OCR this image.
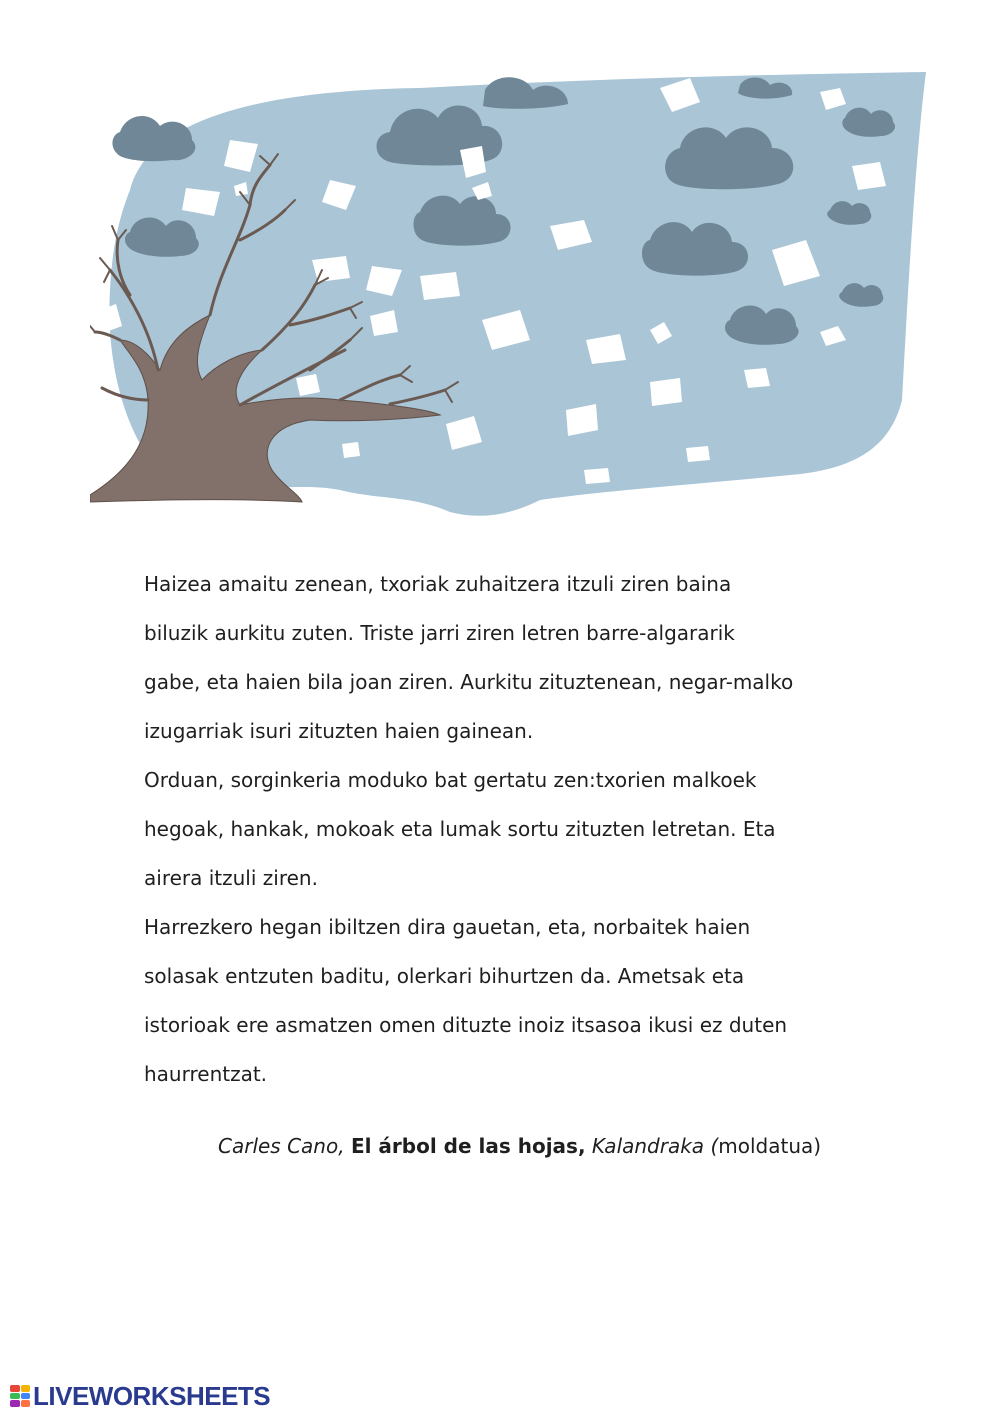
Haizea amaitu zenean, txoriak zuhaitzera itzuli ziren baina
biluzik aurkitu zuten. Triste jarri ziren letren barre-algararik
gabe, eta haien bila joan ziren. Aurkitu zituztenean, negar-malko
izugarriak isuri zituzten haien gainean.
Orduan, sorginkeria moduko bat gertatu zen:txorien malkoek
hegoak, hankak, mokoak eta lumak sortu zituzten letretan. Eta
airera itzuli ziren.
Harrezkero hegan ibiltzen dira gauetan, eta, norbaitek haien
solasak entzuten baditu, olerkari bihurtzen da. Ametsak eta
istorioak ere asmatzen omen dituzte inoiz itsasoa ikusi ez duten
haurrentzat.
Carles Cano, El árbol de las hojas, Kalandraka (moldatua)
LIVEWORKSHEETS
